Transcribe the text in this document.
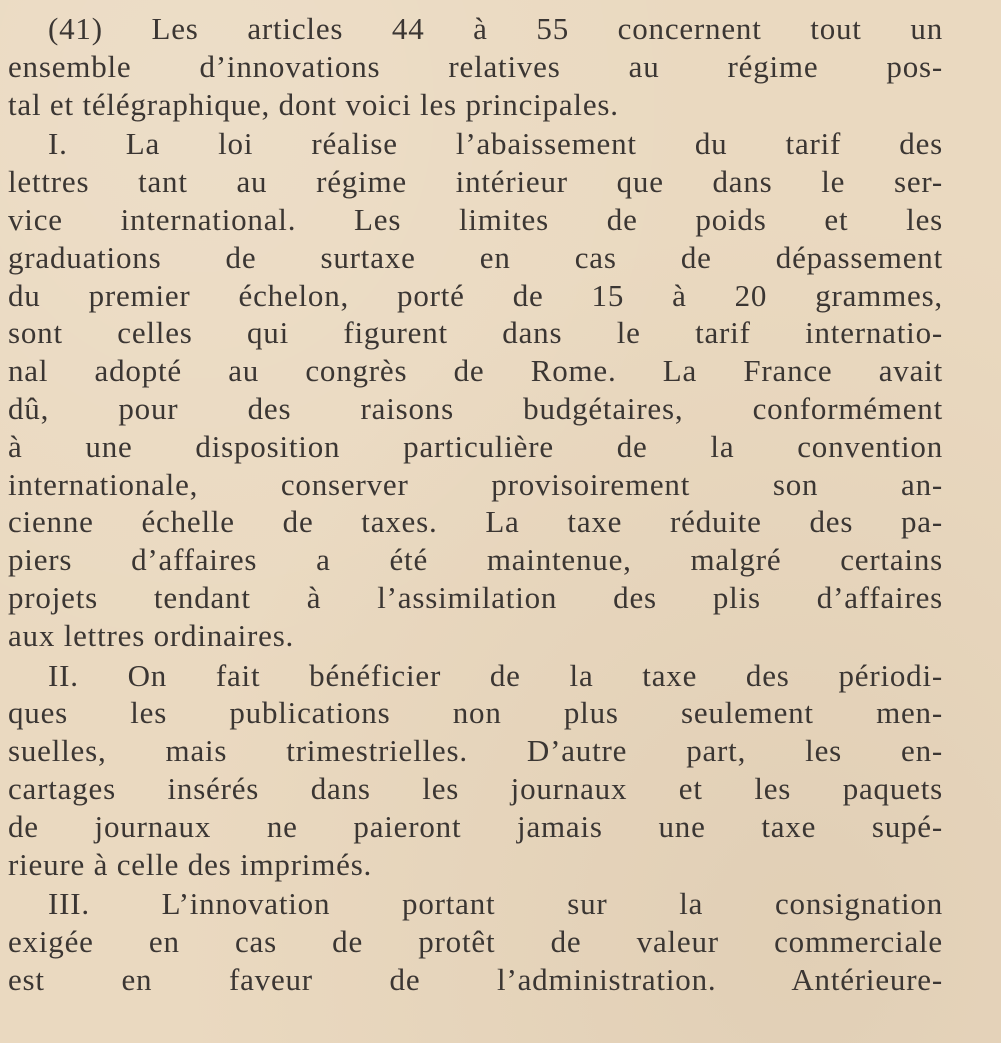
(41) Les articles 44 à 55 concernent tout un
ensemble d’innovations relatives au régime pos-
tal et télégraphique, dont voici les principales.
I. La loi réalise l’abaissement du tarif des
lettres tant au régime intérieur que dans le ser-
vice international. Les limites de poids et les
graduations de surtaxe en cas de dépassement
du premier échelon, porté de 15 à 20 grammes,
sont celles qui figurent dans le tarif internatio-
nal adopté au congrès de Rome. La France avait
dû, pour des raisons budgétaires, conformément
à une disposition particulière de la convention
internationale, conserver provisoirement son an-
cienne échelle de taxes. La taxe réduite des pa-
piers d’affaires a été maintenue, malgré certains
projets tendant à l’assimilation des plis d’affaires
aux lettres ordinaires.
II. On fait bénéficier de la taxe des périodi-
ques les publications non plus seulement men-
suelles, mais trimestrielles. D’autre part, les en-
cartages insérés dans les journaux et les paquets
de journaux ne paieront jamais une taxe supé-
rieure à celle des imprimés.
III. L’innovation portant sur la consignation
exigée en cas de protêt de valeur commerciale
est en faveur de l’administration. Antérieure-
